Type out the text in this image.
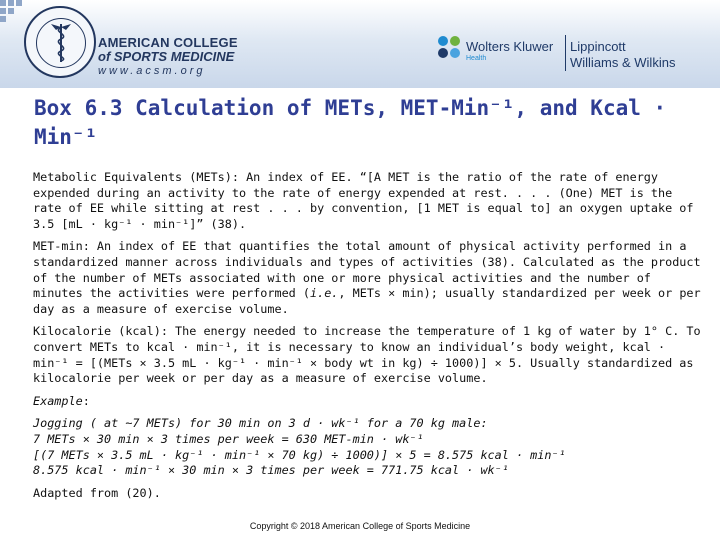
AMERICAN COLLEGE
of SPORTS MEDICINE
www.acsm.org
Wolters Kluwer
Health
Lippincott
Williams & Wilkins
Box 6.3 Calculation of METs, MET-Min⁻¹, and Kcal · Min⁻¹

Metabolic Equivalents (METs): An index of EE. “[A MET is the ratio of the rate of energy expended during an activity to the rate of energy expended at rest. . . . (One) MET is the rate of EE while sitting at rest . . . by convention, [1 MET is equal to] an oxygen uptake of 3.5 [mL · kg⁻¹ · min⁻¹]” (38).

MET-min: An index of EE that quantifies the total amount of physical activity performed in a standardized manner across individuals and types of activities (38). Calculated as the product of the number of METs associated with one or more physical activities and the number of minutes the activities were performed (i.e., METs × min); usually standardized per week or per day as a measure of exercise volume.

Kilocalorie (kcal): The energy needed to increase the temperature of 1 kg of water by 1° C. To convert METs to kcal · min⁻¹, it is necessary to know an individual’s body weight, kcal · min⁻¹ = [(METs × 3.5 mL · kg⁻¹ · min⁻¹ × body wt in kg) ÷ 1000)] × 5. Usually standardized as kilocalorie per week or per day as a measure of exercise volume.

Example:

Jogging ( at ~7 METs) for 30 min on 3 d · wk⁻¹ for a 70 kg male:
7 METs × 30 min × 3 times per week = 630 MET-min · wk⁻¹
[(7 METs × 3.5 mL · kg⁻¹ · min⁻¹ × 70 kg) ÷ 1000)] × 5 = 8.575 kcal · min⁻¹
8.575 kcal · min⁻¹ × 30 min × 3 times per week = 771.75 kcal · wk⁻¹

Adapted from (20).

Copyright © 2018 American College of Sports Medicine
